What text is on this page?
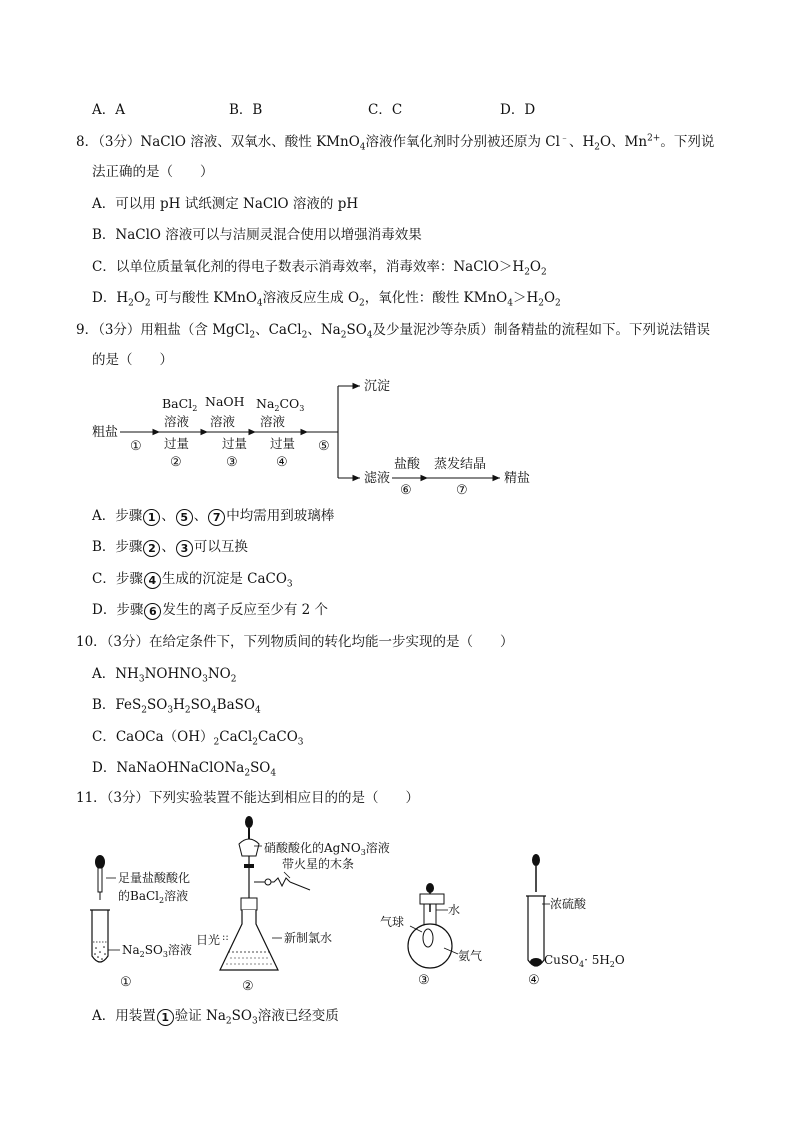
A．A	B．B	C．C	D．D
8．（3分）NaClO 溶液、双氧水、酸性 KMnO$_4$溶液作氧化剂时分别被还原为 Cl﹣、$H_2O$、$Mn^{2+}$。下列说
法正确的是（　　）
A．可以用 pH 试纸测定 NaClO 溶液的 pH
B．NaClO 溶液可以与洁厕灵混合使用以增强消毒效果
C．以单位质量氧化剂的得电子数表示消毒效率，消毒效率：$NaClO>H_2O_2$
D．$H_2O_2$ 可与酸性 KMnO$_4$溶液反应生成 $O_2$，氧化性：酸性 $KMnO_4>H_2O_2$
9．（3分）用粗盐（含 MgCl$_2$、CaCl$_2$、$Na_2SO_4$及少量泥沙等杂质）制备精盐的流程如下。下列说法错误
的是（　　）
粗盐
①
BaCl$_2$
溶液
过量
②
NaOH
溶液
过量
③
$Na_2CO_3$
溶液
过量
④
⑤
沉淀
滤液
盐酸
⑥
蒸发结晶
⑦
精盐
A．步骤 1 、 5 、 7 中均需用到玻璃棒
B．步骤 2 、 3 可以互换
C．步骤 4 生成的沉淀是 CaCO$_3$
D．步骤 6 发生的离子反应至少有 2 个
10．（3分）在给定条件下，下列物质间的转化均能一步实现的是（　　）
A．$NH_3NOHNO_3NO_2$
B．$FeS_2SO_3H_2SO_4BaSO_4$
C．$CaOCa(OH)_2CaCl_2CaCO_3$
D．$NaNaOHNaClONa_2SO_4$
11．（3分）下列实验装置不能达到相应目的的是（　　）
足量盐酸酸化
的BaCl$_2$溶液
$Na_2SO_3$溶液
①
硝酸酸化的AgNO$_3$溶液
带火星的木条
日光 ::	新制氯水
②
水
气球
氨气
③
浓硫酸
CuSO$_4$· $5H_2O$
④
A．用装置 1 验证 $Na_2SO_3$溶液已经变质
